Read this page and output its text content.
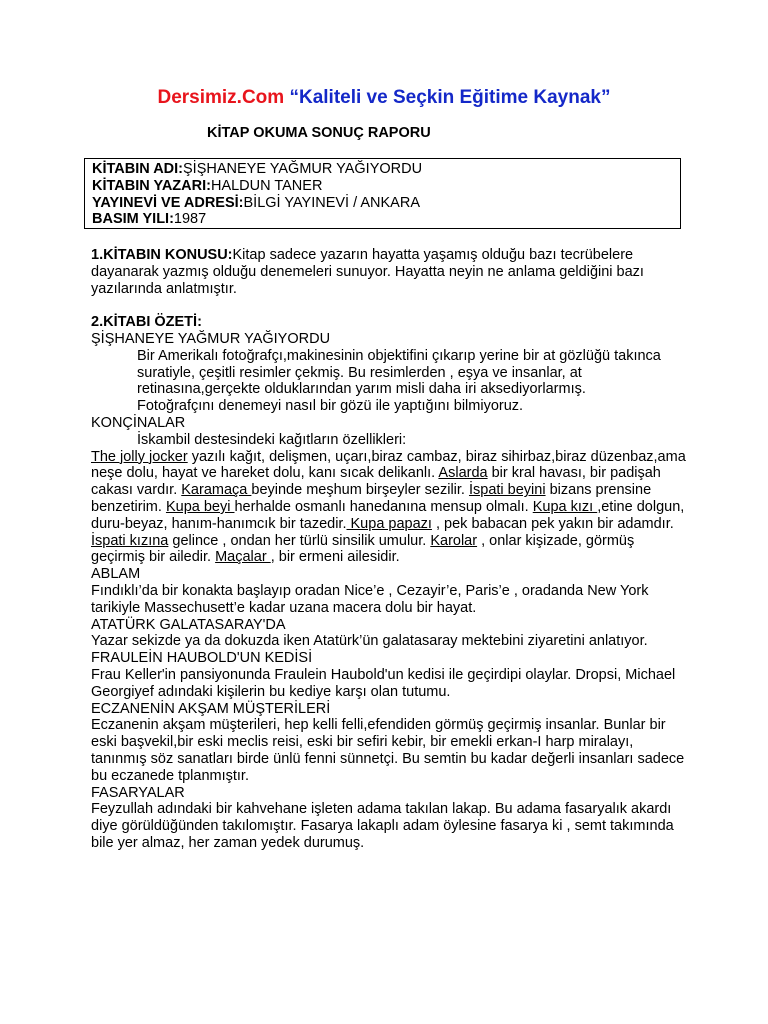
Dersimiz.Com “Kaliteli ve Seçkin Eğitime Kaynak”
KİTAP OKUMA SONUÇ RAPORU
KİTABIN ADI:ŞİŞHANEYE YAĞMUR YAĞIYORDU
KİTABIN YAZARI:HALDUN TANER
YAYINEVİ VE ADRESİ:BİLGİ YAYINEVİ / ANKARA
BASIM YILI:1987

1.KİTABIN KONUSU:Kitap sadece yazarın hayatta yaşamış olduğu bazı tecrübelere dayanarak yazmış olduğu denemeleri sunuyor. Hayatta neyin ne anlama geldiğini bazı yazılarında anlatmıştır.

2.KİTABI ÖZETİ:

ŞİŞHANEYE YAĞMUR YAĞIYORDU

Bir Amerikalı fotoğrafçı,makinesinin objektifini çıkarıp yerine bir at gözlüğü takınca suratiyle, çeşitli resimler çekmiş. Bu resimlerden , eşya ve insanlar, at retinasına,gerçekte olduklarından yarım misli daha iri aksediyorlarmış.

Fotoğrafçını denemeyi nasıl bir gözü ile yaptığını bilmiyoruz.

KONÇİNALAR

İskambil destesindeki kağıtların özellikleri:

The jolly jocker yazılı kağıt, delişmen, uçarı,biraz cambaz, biraz sihirbaz,biraz düzenbaz,ama neşe dolu, hayat ve hareket dolu, kanı sıcak delikanlı. Aslarda bir kral havası, bir padişah cakası vardır. Karamaça beyinde meşhum birşeyler sezilir. İspati beyini bizans prensine benzetirim. Kupa beyi herhalde osmanlı hanedanına mensup olmalı. Kupa kızı ,etine dolgun, duru-beyaz, hanım-hanımcık bir tazedir. Kupa papazı , pek babacan pek yakın bir adamdır. İspati kızına gelince , ondan her türlü sinsilik umulur. Karolar , onlar kişizade, görmüş geçirmiş bir ailedir. Maçalar , bir ermeni ailesidir.

ABLAM

Fındıklı’da bir konakta başlayıp oradan Nice’e , Cezayir’e, Paris’e , oradanda New York tarikiyle Massechusett’e kadar uzana macera dolu bir hayat.

ATATÜRK GALATASARAY'DA

Yazar sekizde ya da dokuzda iken Atatürk’ün galatasaray mektebini ziyaretini anlatıyor.

FRAULEİN HAUBOLD'UN KEDİSİ

Frau Keller'in pansiyonunda Fraulein Haubold'un kedisi ile geçirdipi olaylar. Dropsi, Michael Georgiyef adındaki kişilerin bu kediye karşı olan tutumu.

ECZANENİN AKŞAM MÜŞTERİLERİ

Eczanenin akşam müşterileri, hep kelli felli,efendiden görmüş geçirmiş insanlar. Bunlar bir eski başvekil,bir eski meclis reisi, eski bir sefiri kebir, bir emekli erkan-I harp miralayı, tanınmış söz sanatları birde ünlü fenni sünnetçi. Bu semtin bu kadar değerli insanları sadece bu eczanede tplanmıştır.

FASARYALAR

Feyzullah adındaki bir kahvehane işleten adama takılan lakap. Bu adama fasaryalık akardı diye görüldüğünden takılomıştır. Fasarya lakaplı adam öylesine fasarya ki , semt takımında bile yer almaz, her zaman yedek durumuş.
